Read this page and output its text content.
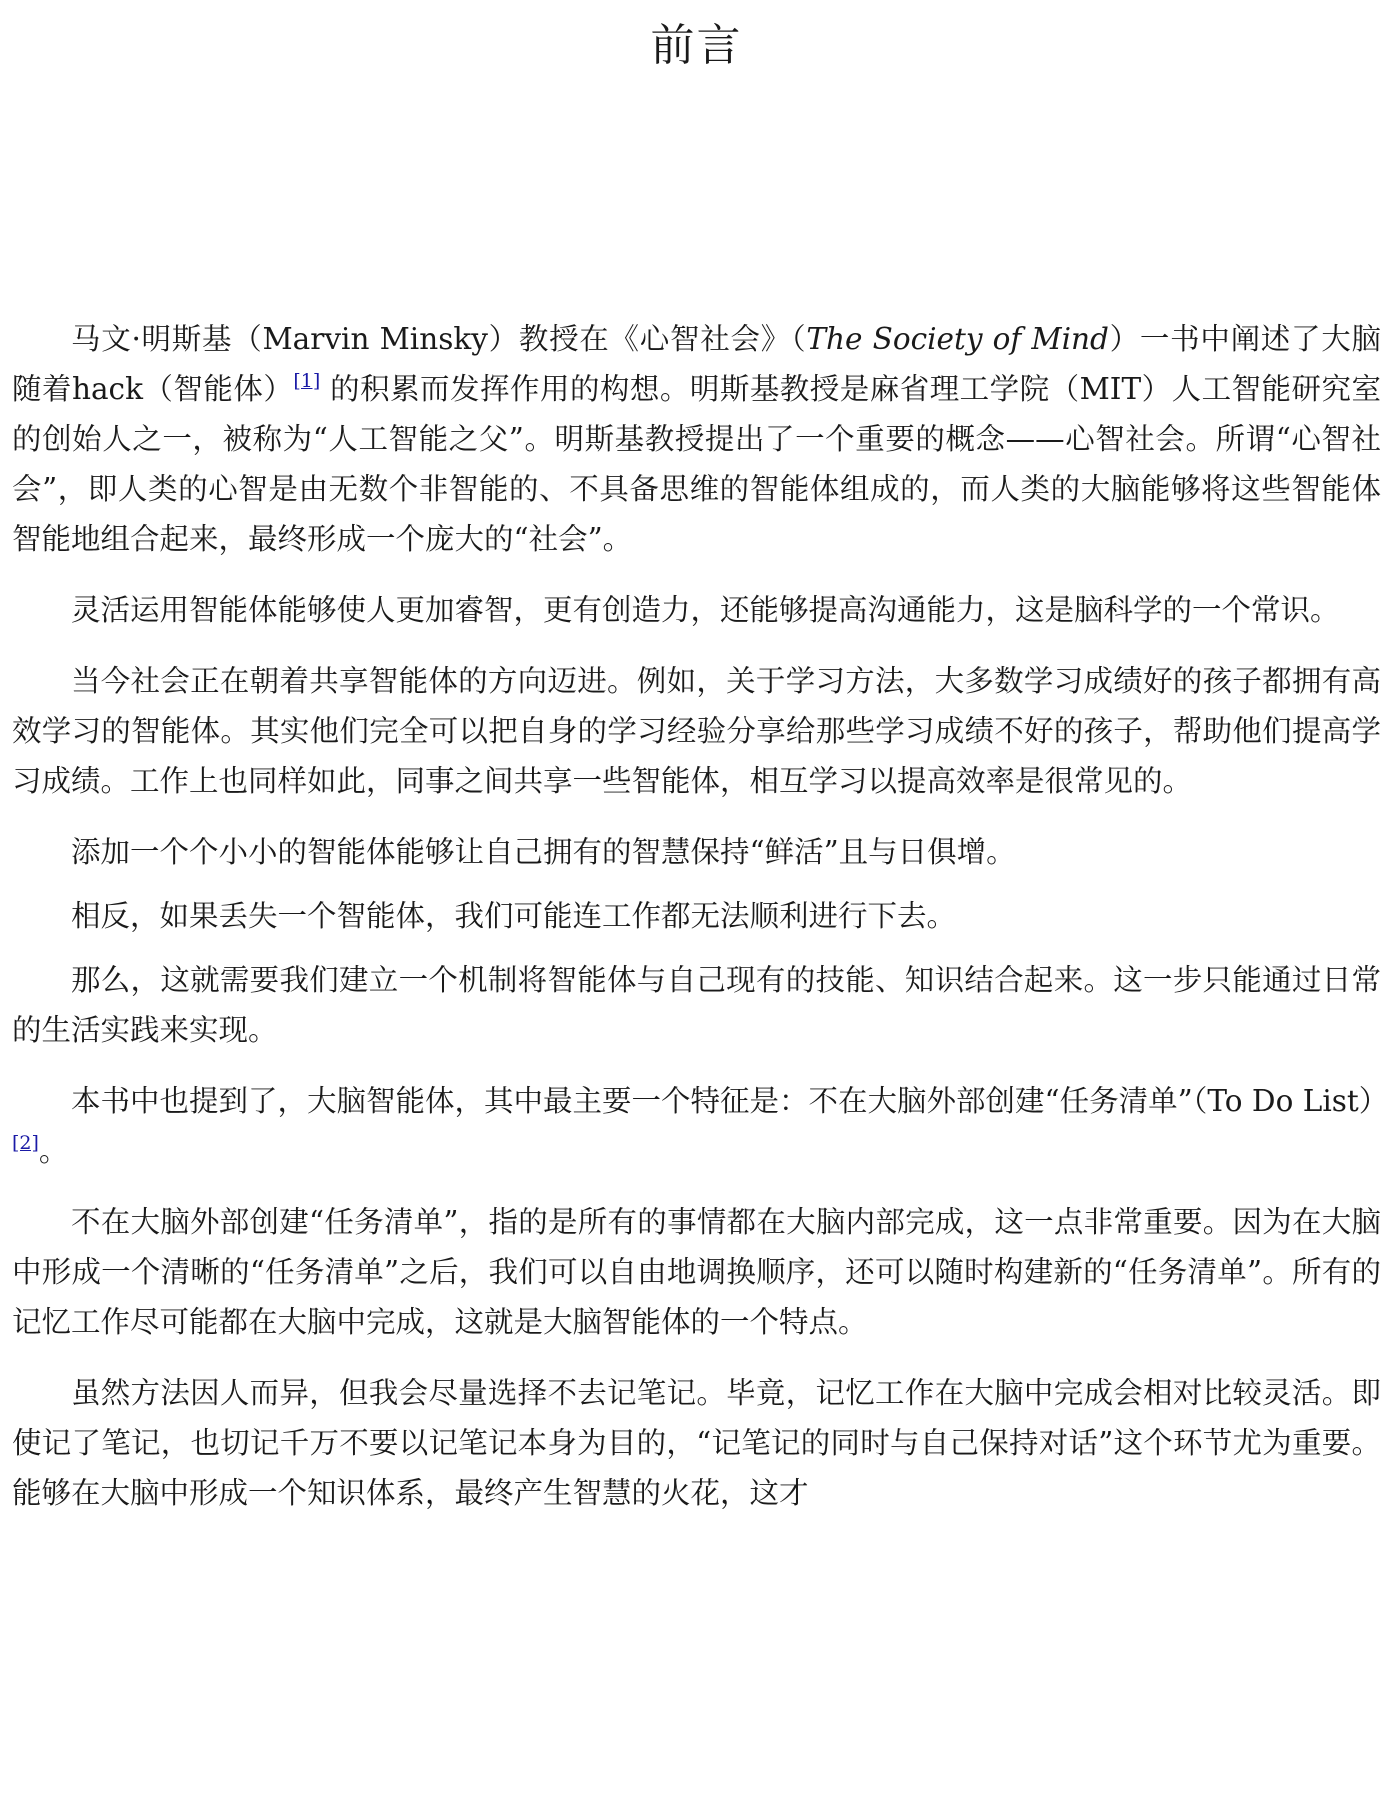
前言

马文·明斯基（Marvin Minsky）教授在《心智社会》（The Society of Mind）一书中阐述了大脑随着hack（智能体）[1] 的积累而发挥作用的构想。明斯基教授是麻省理工学院（MIT）人工智能研究室的创始人之一，被称为“人工智能之父”。明斯基教授提出了一个重要的概念——心智社会。所谓“心智社会”，即人类的心智是由无数个非智能的、不具备思维的智能体组成的，而人类的大脑能够将这些智能体智能地组合起来，最终形成一个庞大的“社会”。

灵活运用智能体能够使人更加睿智，更有创造力，还能够提高沟通能力，这是脑科学的一个常识。

当今社会正在朝着共享智能体的方向迈进。例如，关于学习方法，大多数学习成绩好的孩子都拥有高效学习的智能体。其实他们完全可以把自身的学习经验分享给那些学习成绩不好的孩子，帮助他们提高学习成绩。工作上也同样如此，同事之间共享一些智能体，相互学习以提高效率是很常见的。

添加一个个小小的智能体能够让自己拥有的智慧保持“鲜活”且与日俱增。

相反，如果丢失一个智能体，我们可能连工作都无法顺利进行下去。

那么，这就需要我们建立一个机制将智能体与自己现有的技能、知识结合起来。这一步只能通过日常的生活实践来实现。

本书中也提到了，大脑智能体，其中最主要一个特征是：不在大脑外部创建“任务清单”（To Do List）[2]。

不在大脑外部创建“任务清单”，指的是所有的事情都在大脑内部完成，这一点非常重要。因为在大脑中形成一个清晰的“任务清单”之后，我们可以自由地调换顺序，还可以随时构建新的“任务清单”。所有的记忆工作尽可能都在大脑中完成，这就是大脑智能体的一个特点。

虽然方法因人而异，但我会尽量选择不去记笔记。毕竟，记忆工作在大脑中完成会相对比较灵活。即使记了笔记，也切记千万不要以记笔记本身为目的，“记笔记的同时与自己保持对话”这个环节尤为重要。能够在大脑中形成一个知识体系，最终产生智慧的火花，这才
